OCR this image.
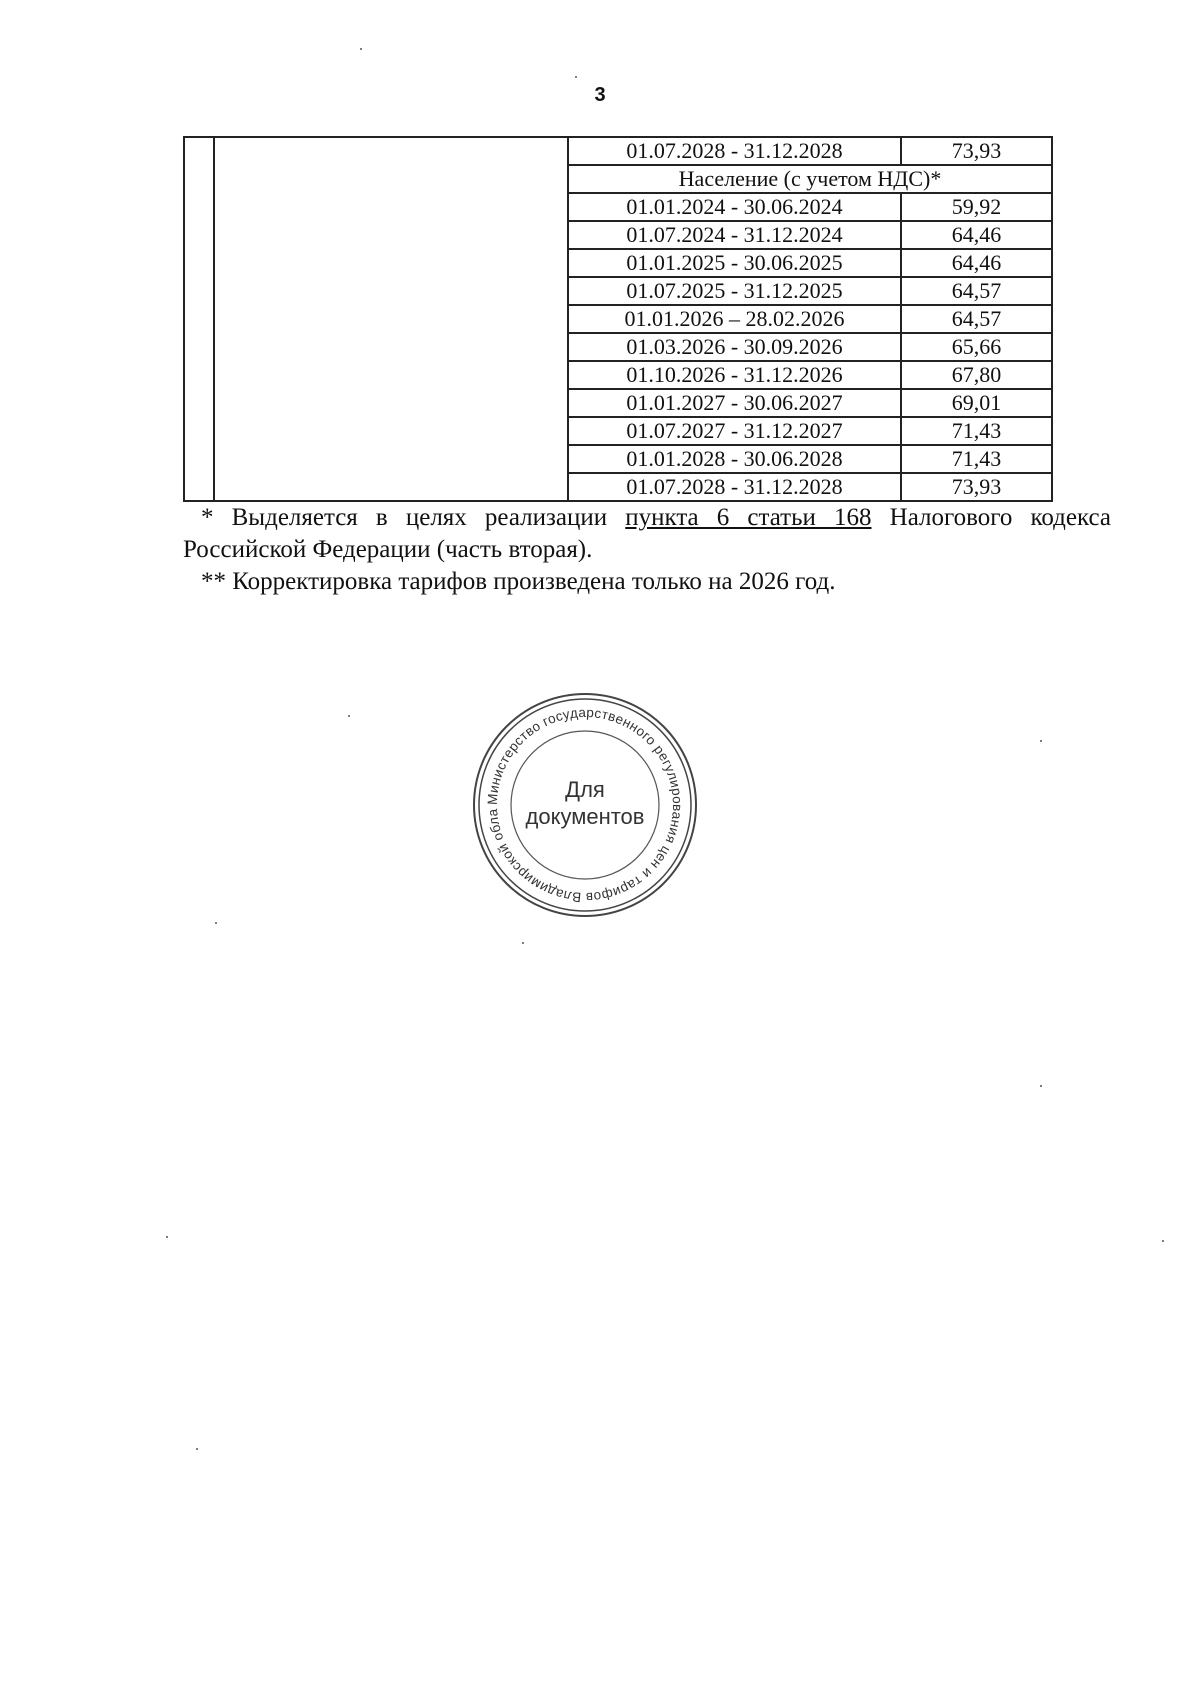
3
		01.07.2028 - 31.12.2028	73,93
		Население (с учетом НДС)*	
		01.01.2024 - 30.06.2024	59,92
		01.07.2024 - 31.12.2024	64,46
		01.01.2025 - 30.06.2025	64,46
		01.07.2025 - 31.12.2025	64,57
		01.01.2026 – 28.02.2026	64,57
		01.03.2026 - 30.09.2026	65,66
		01.10.2026 - 31.12.2026	67,80
		01.01.2027 - 30.06.2027	69,01
		01.07.2027 - 31.12.2027	71,43
		01.01.2028 - 30.06.2028	71,43
		01.07.2028 - 31.12.2028	73,93

* Выделяется в целях реализации пункта 6 статьи 168 Налогового кодекса Российской Федерации (часть вторая).

** Корректировка тарифов произведена только на 2026 год.

Министерство государственного регулирования цен и тарифов Владимирской обла
Для
документов
